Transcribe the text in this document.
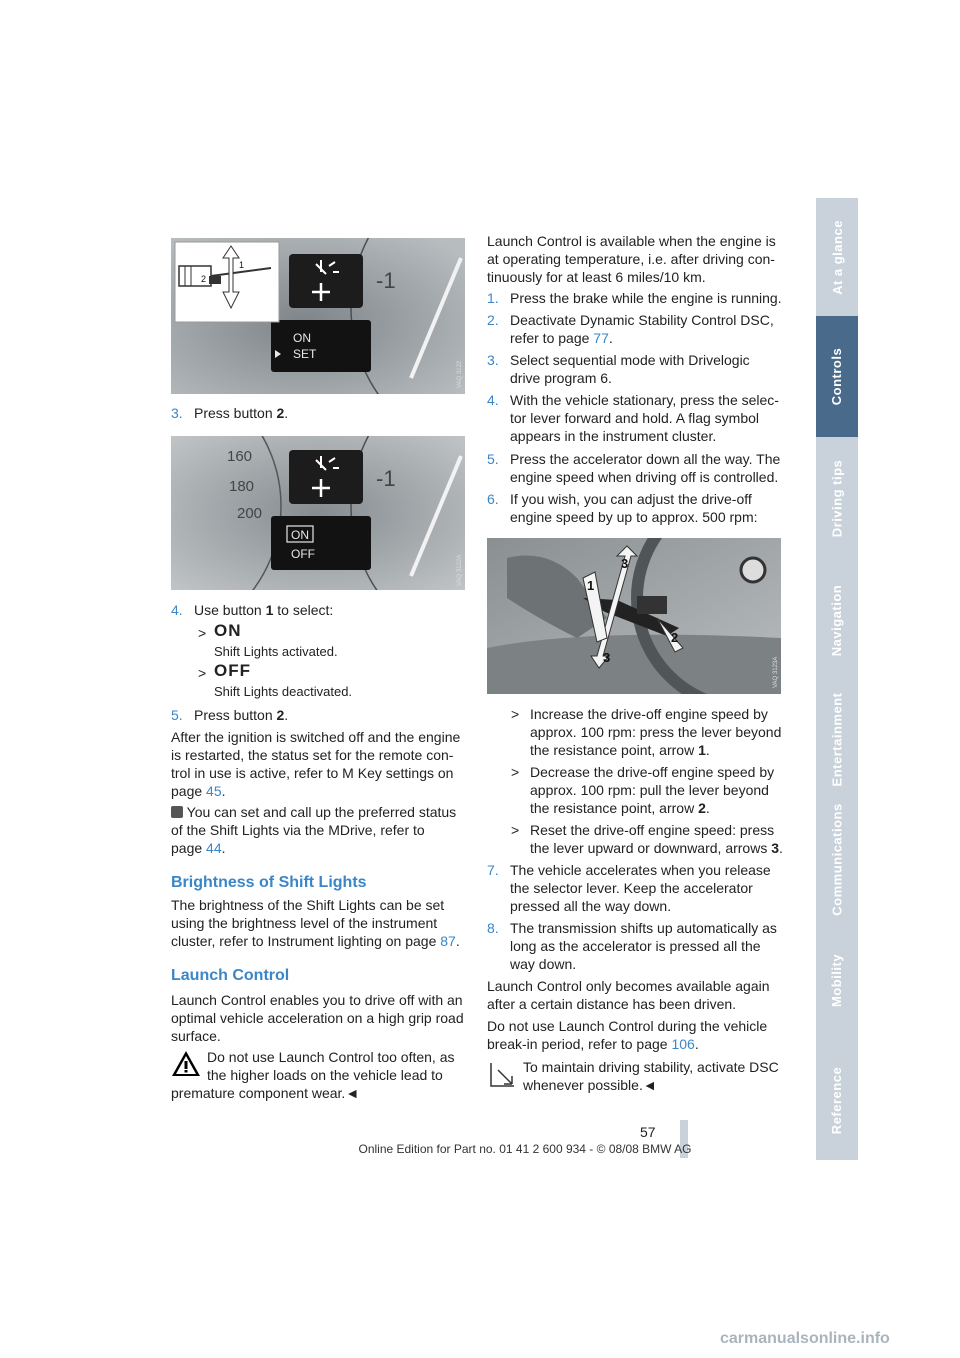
-1
ON
SET
2
1
VAQ 3122
3. Press button 2.
160
180
200
-1
ON
OFF
VAQ 3122A
4. Use button 1 to select:
> ON
Shift Lights activated.
> OFF
Shift Lights deactivated.
5. Press button 2.
After the ignition is switched off and the engine
is restarted, the status set for the remote con-
trol in use is active, refer to M Key settings on
page 45.
You can set and call up the preferred status
of the Shift Lights via the MDrive, refer to
page 44.
Brightness of Shift Lights
The brightness of the Shift Lights can be set
using the brightness level of the instrument
cluster, refer to Instrument lighting on page 87.
Launch Control
Launch Control enables you to drive off with an
optimal vehicle acceleration on a high grip road
surface.
Do not use Launch Control too often, as
the higher loads on the vehicle lead to
premature component wear.◄
Launch Control is available when the engine is
at operating temperature, i.e. after driving con-
tinuously for at least 6 miles/10 km.
1. Press the brake while the engine is running.
2. Deactivate Dynamic Stability Control DSC,
refer to page 77.
3. Select sequential mode with Drivelogic
drive program 6.
4. With the vehicle stationary, press the selec-
tor lever forward and hold. A flag symbol
appears in the instrument cluster.
5. Press the accelerator down all the way. The
engine speed when driving off is controlled.
6. If you wish, you can adjust the drive-off
engine speed by up to approx. 500 rpm:
3
3
1
2
VAQ 3123A
> Increase the drive-off engine speed by
approx. 100 rpm: press the lever beyond
the resistance point, arrow 1.
> Decrease the drive-off engine speed by
approx. 100 rpm: pull the lever beyond
the resistance point, arrow 2.
> Reset the drive-off engine speed: press
the lever upward or downward, arrows 3.
7. The vehicle accelerates when you release
the selector lever. Keep the accelerator
pressed all the way down.
8. The transmission shifts up automatically as
long as the accelerator is pressed all the
way down.
Launch Control only becomes available again
after a certain distance has been driven.
Do not use Launch Control during the vehicle
break-in period, refer to page 106.
To maintain driving stability, activate DSC
whenever possible.◄
At a glance
Controls
Driving tips
Navigation
Entertainment
Communications
Mobility
Reference
57
Online Edition for Part no. 01 41 2 600 934 - © 08/08 BMW AG
carmanualsonline.info
